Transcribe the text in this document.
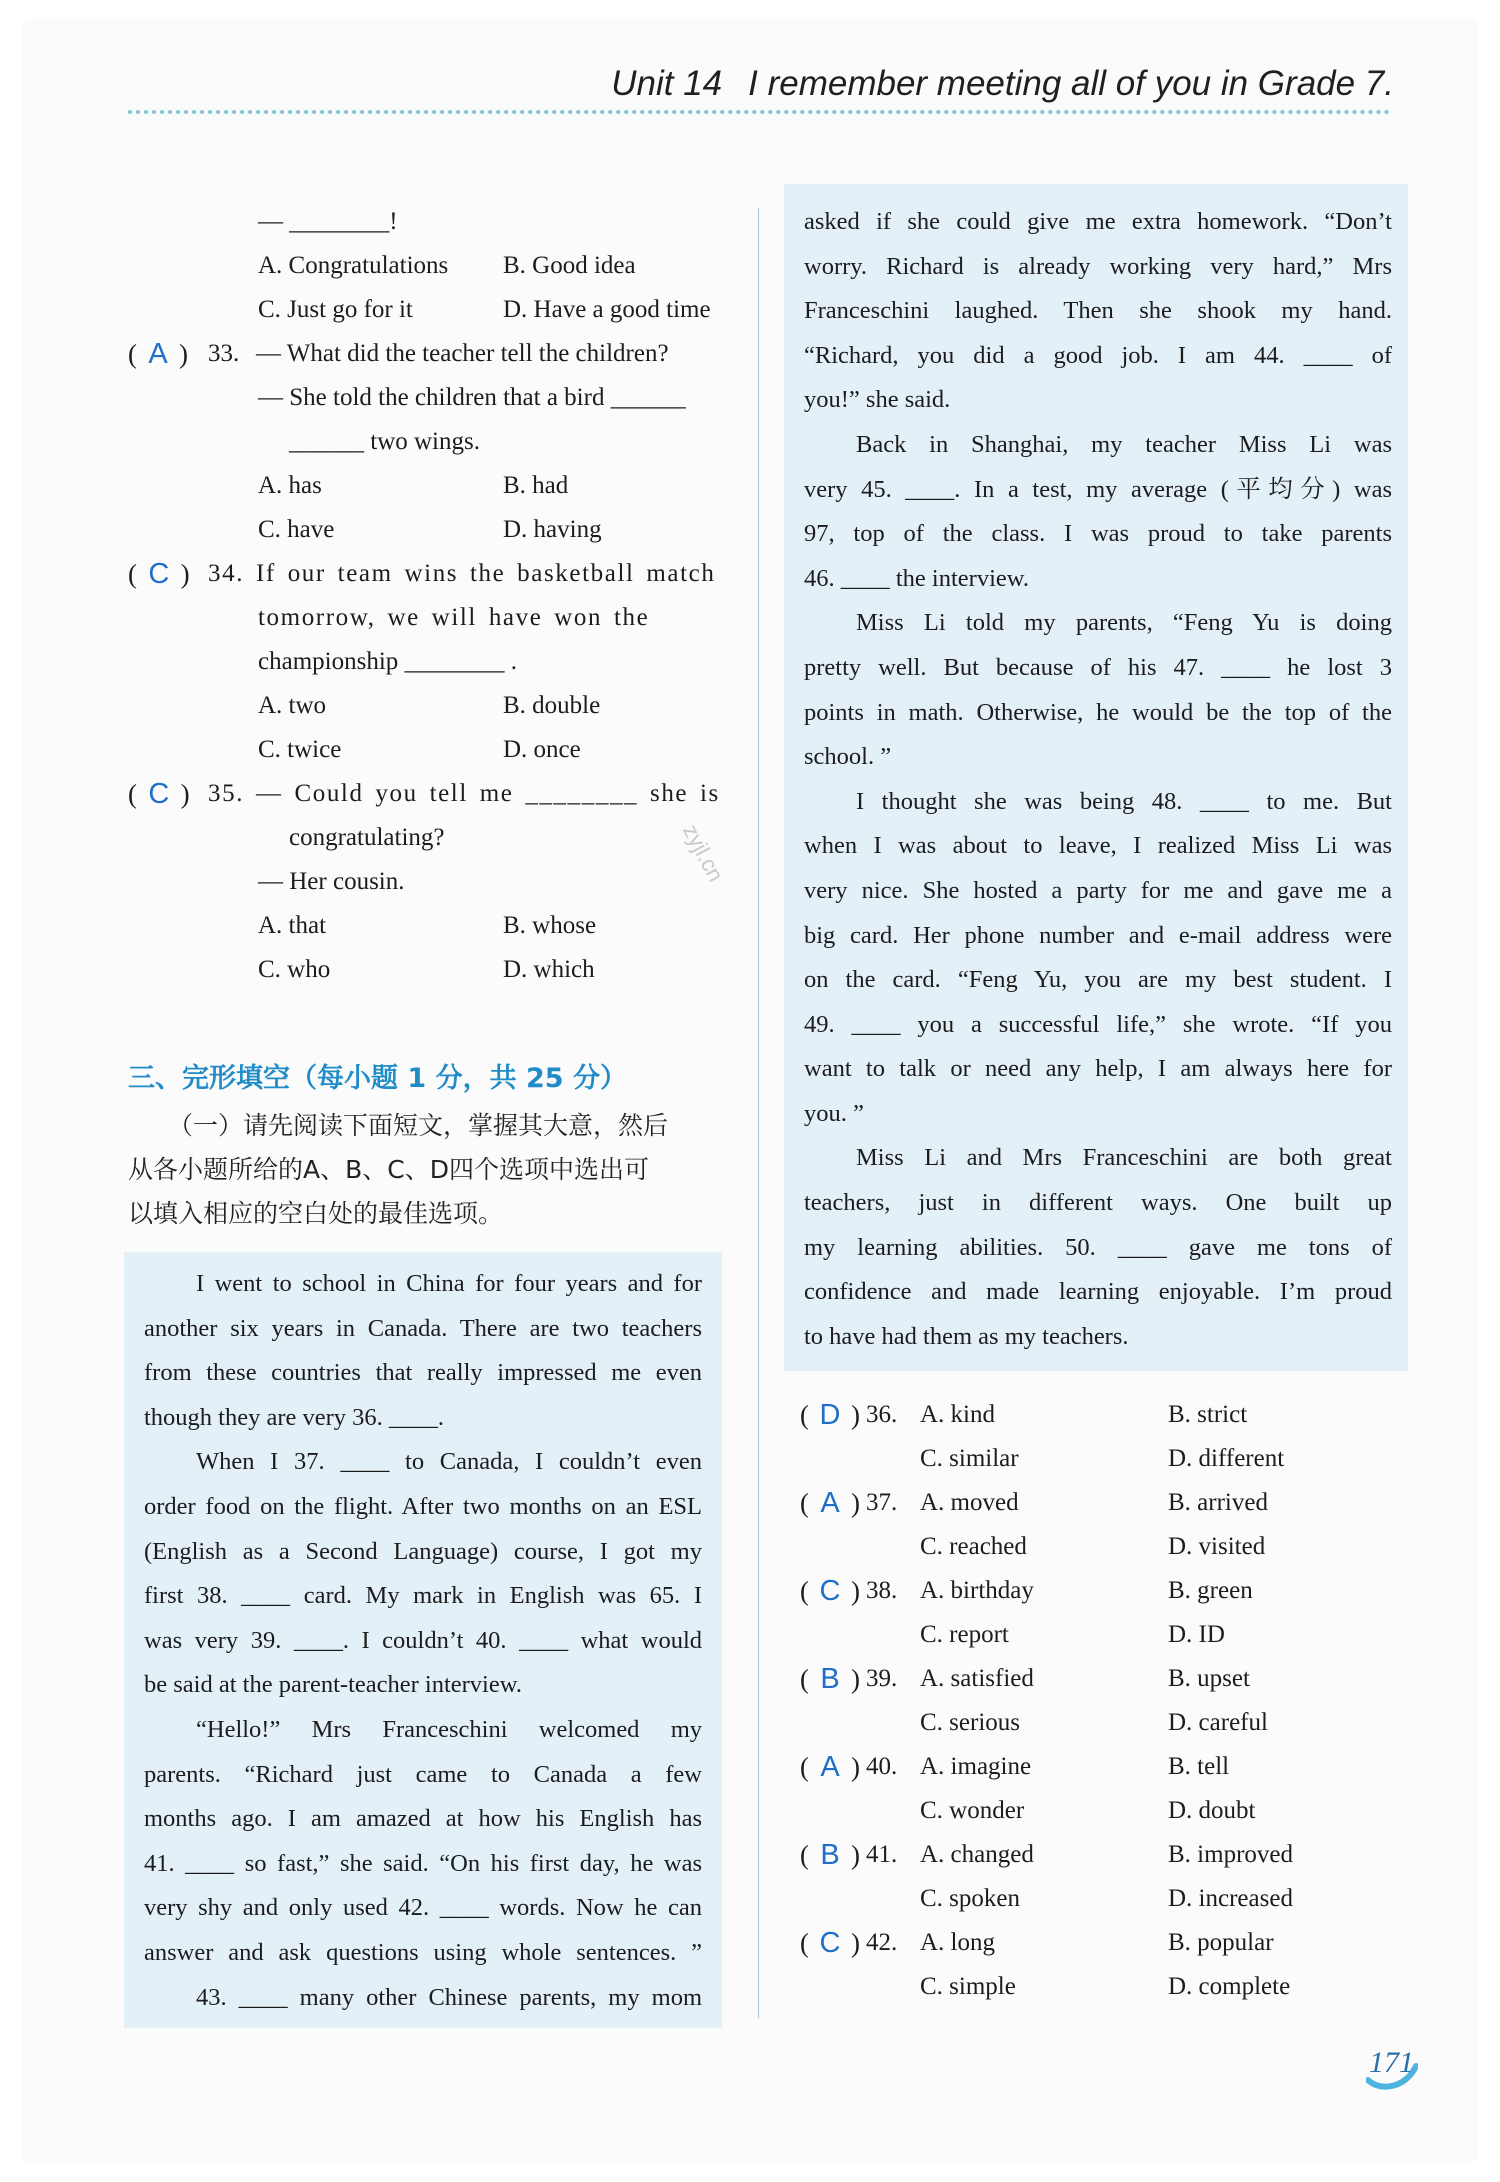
Unit 14 I remember meeting all of you in Grade 7.
— ________!
A. Congratulations	B. Good idea
C. Just go for it	D. Have a good time
( A ) 33. — What did the teacher tell the children?
— She told the children that a bird ______
______ two wings.
A. has	B. had
C. have	D. having
( C ) 34. If our team wins the basketball match
tomorrow, we will have won the
championship ________ .
A. two	B. double
C. twice	D. once
( C ) 35. — Could you tell me ________ she is
congratulating?
— Her cousin.
A. that	B. whose
C. who	D. which
三、完形填空（每小题 1 分，共 25 分）

（一）请先阅读下面短文，掌握其大意，然后

从各小题所给的A、B、C、D四个选项中选出可

以填入相应的空白处的最佳选项。

I went to school in China for four years and for
another six years in Canada. There are two teachers
from these countries that really impressed me even
though they are very 36. ____.
When I 37. ____ to Canada, I couldn’t even
order food on the flight. After two months on an ESL
(English as a Second Language) course, I got my
first 38. ____ card. My mark in English was 65. I
was very 39. ____. I couldn’t 40. ____ what would
be said at the parent-teacher interview.
“Hello!” Mrs Franceschini welcomed my
parents. “Richard just came to Canada a few
months ago. I am amazed at how his English has
41. ____ so fast,” she said. “On his first day, he was
very shy and only used 42. ____ words. Now he can
answer and ask questions using whole sentences. ”
43. ____ many other Chinese parents, my mom
asked if she could give me extra homework. “Don’t
worry. Richard is already working very hard,” Mrs
Franceschini laughed. Then she shook my hand.
“Richard, you did a good job. I am 44. ____ of
you!” she said.
Back in Shanghai, my teacher Miss Li was
very 45. ____. In a test, my average (平均分) was
97, top of the class. I was proud to take parents
46. ____ the interview.
Miss Li told my parents, “Feng Yu is doing
pretty well. But because of his 47. ____ he lost 3
points in math. Otherwise, he would be the top of the
school. ”
I thought she was being 48. ____ to me. But
when I was about to leave, I realized Miss Li was
very nice. She hosted a party for me and gave me a
big card. Her phone number and e-mail address were
on the card. “Feng Yu, you are my best student. I
49. ____ you a successful life,” she wrote. “If you
want to talk or need any help, I am always here for
you. ”
Miss Li and Mrs Franceschini are both great
teachers, just in different ways. One built up
my learning abilities. 50. ____ gave me tons of
confidence and made learning enjoyable. I’m proud
to have had them as my teachers.
( D ) 36. A. kind	B. strict
C. similar	D. different
( A ) 37. A. moved	B. arrived
C. reached	D. visited
( C ) 38. A. birthday	B. green
C. report	D. ID
( B ) 39. A. satisfied	B. upset
C. serious	D. careful
( A ) 40. A. imagine	B. tell
C. wonder	D. doubt
( B ) 41. A. changed	B. improved
C. spoken	D. increased
( C ) 42. A. long	B. popular
C. simple	D. complete
zyjl.cn
171
